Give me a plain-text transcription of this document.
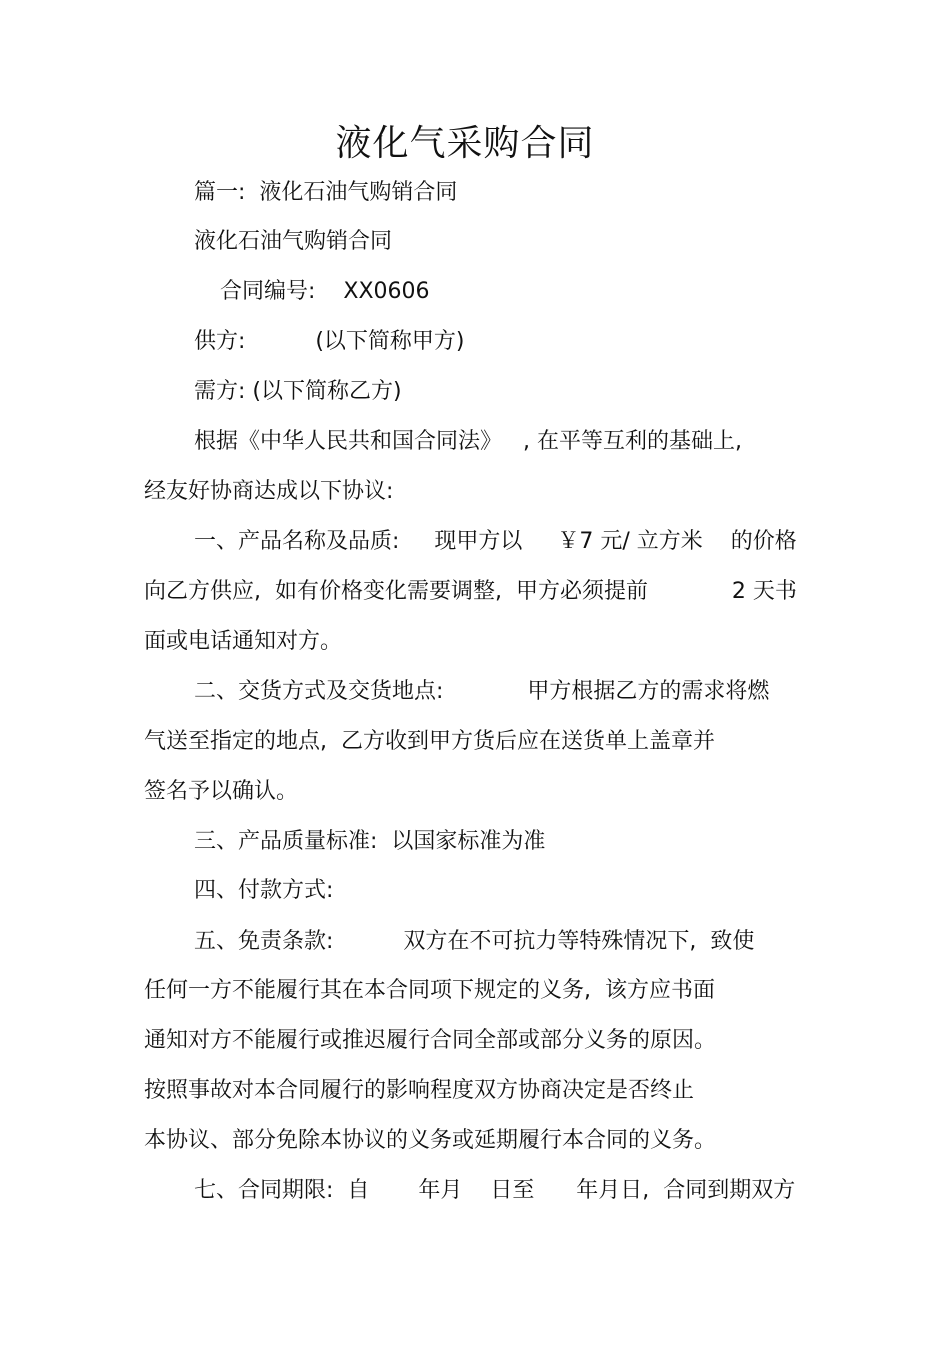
液化气采购合同
篇一:  液化石油气购销合同
液化石油气购销合同
合同编号:    XX0606
供方:          (以下简称甲方)
需方: (以下简称乙方)
根据《中华人民共和国合同法》   , 在平等互利的基础上,
经友好协商达成以下协议:
一、产品名称及品质:     现甲方以     ￥7 元/ 立方米    的价格
向乙方供应,  如有价格变化需要调整,  甲方必须提前            2 天书
面或电话通知对方。
二、交货方式及交货地点:            甲方根据乙方的需求将燃
气送至指定的地点,  乙方收到甲方货后应在送货单上盖章并
签名予以确认。
三、产品质量标准:  以国家标准为准
四、付款方式:
五、免责条款:          双方在不可抗力等特殊情况下,  致使
任何一方不能履行其在本合同项下规定的义务,  该方应书面
通知对方不能履行或推迟履行合同全部或部分义务的原因。
按照事故对本合同履行的影响程度双方协商决定是否终止
本协议、部分免除本协议的义务或延期履行本合同的义务。
七、合同期限:  自       年月    日至      年月日,  合同到期双方
